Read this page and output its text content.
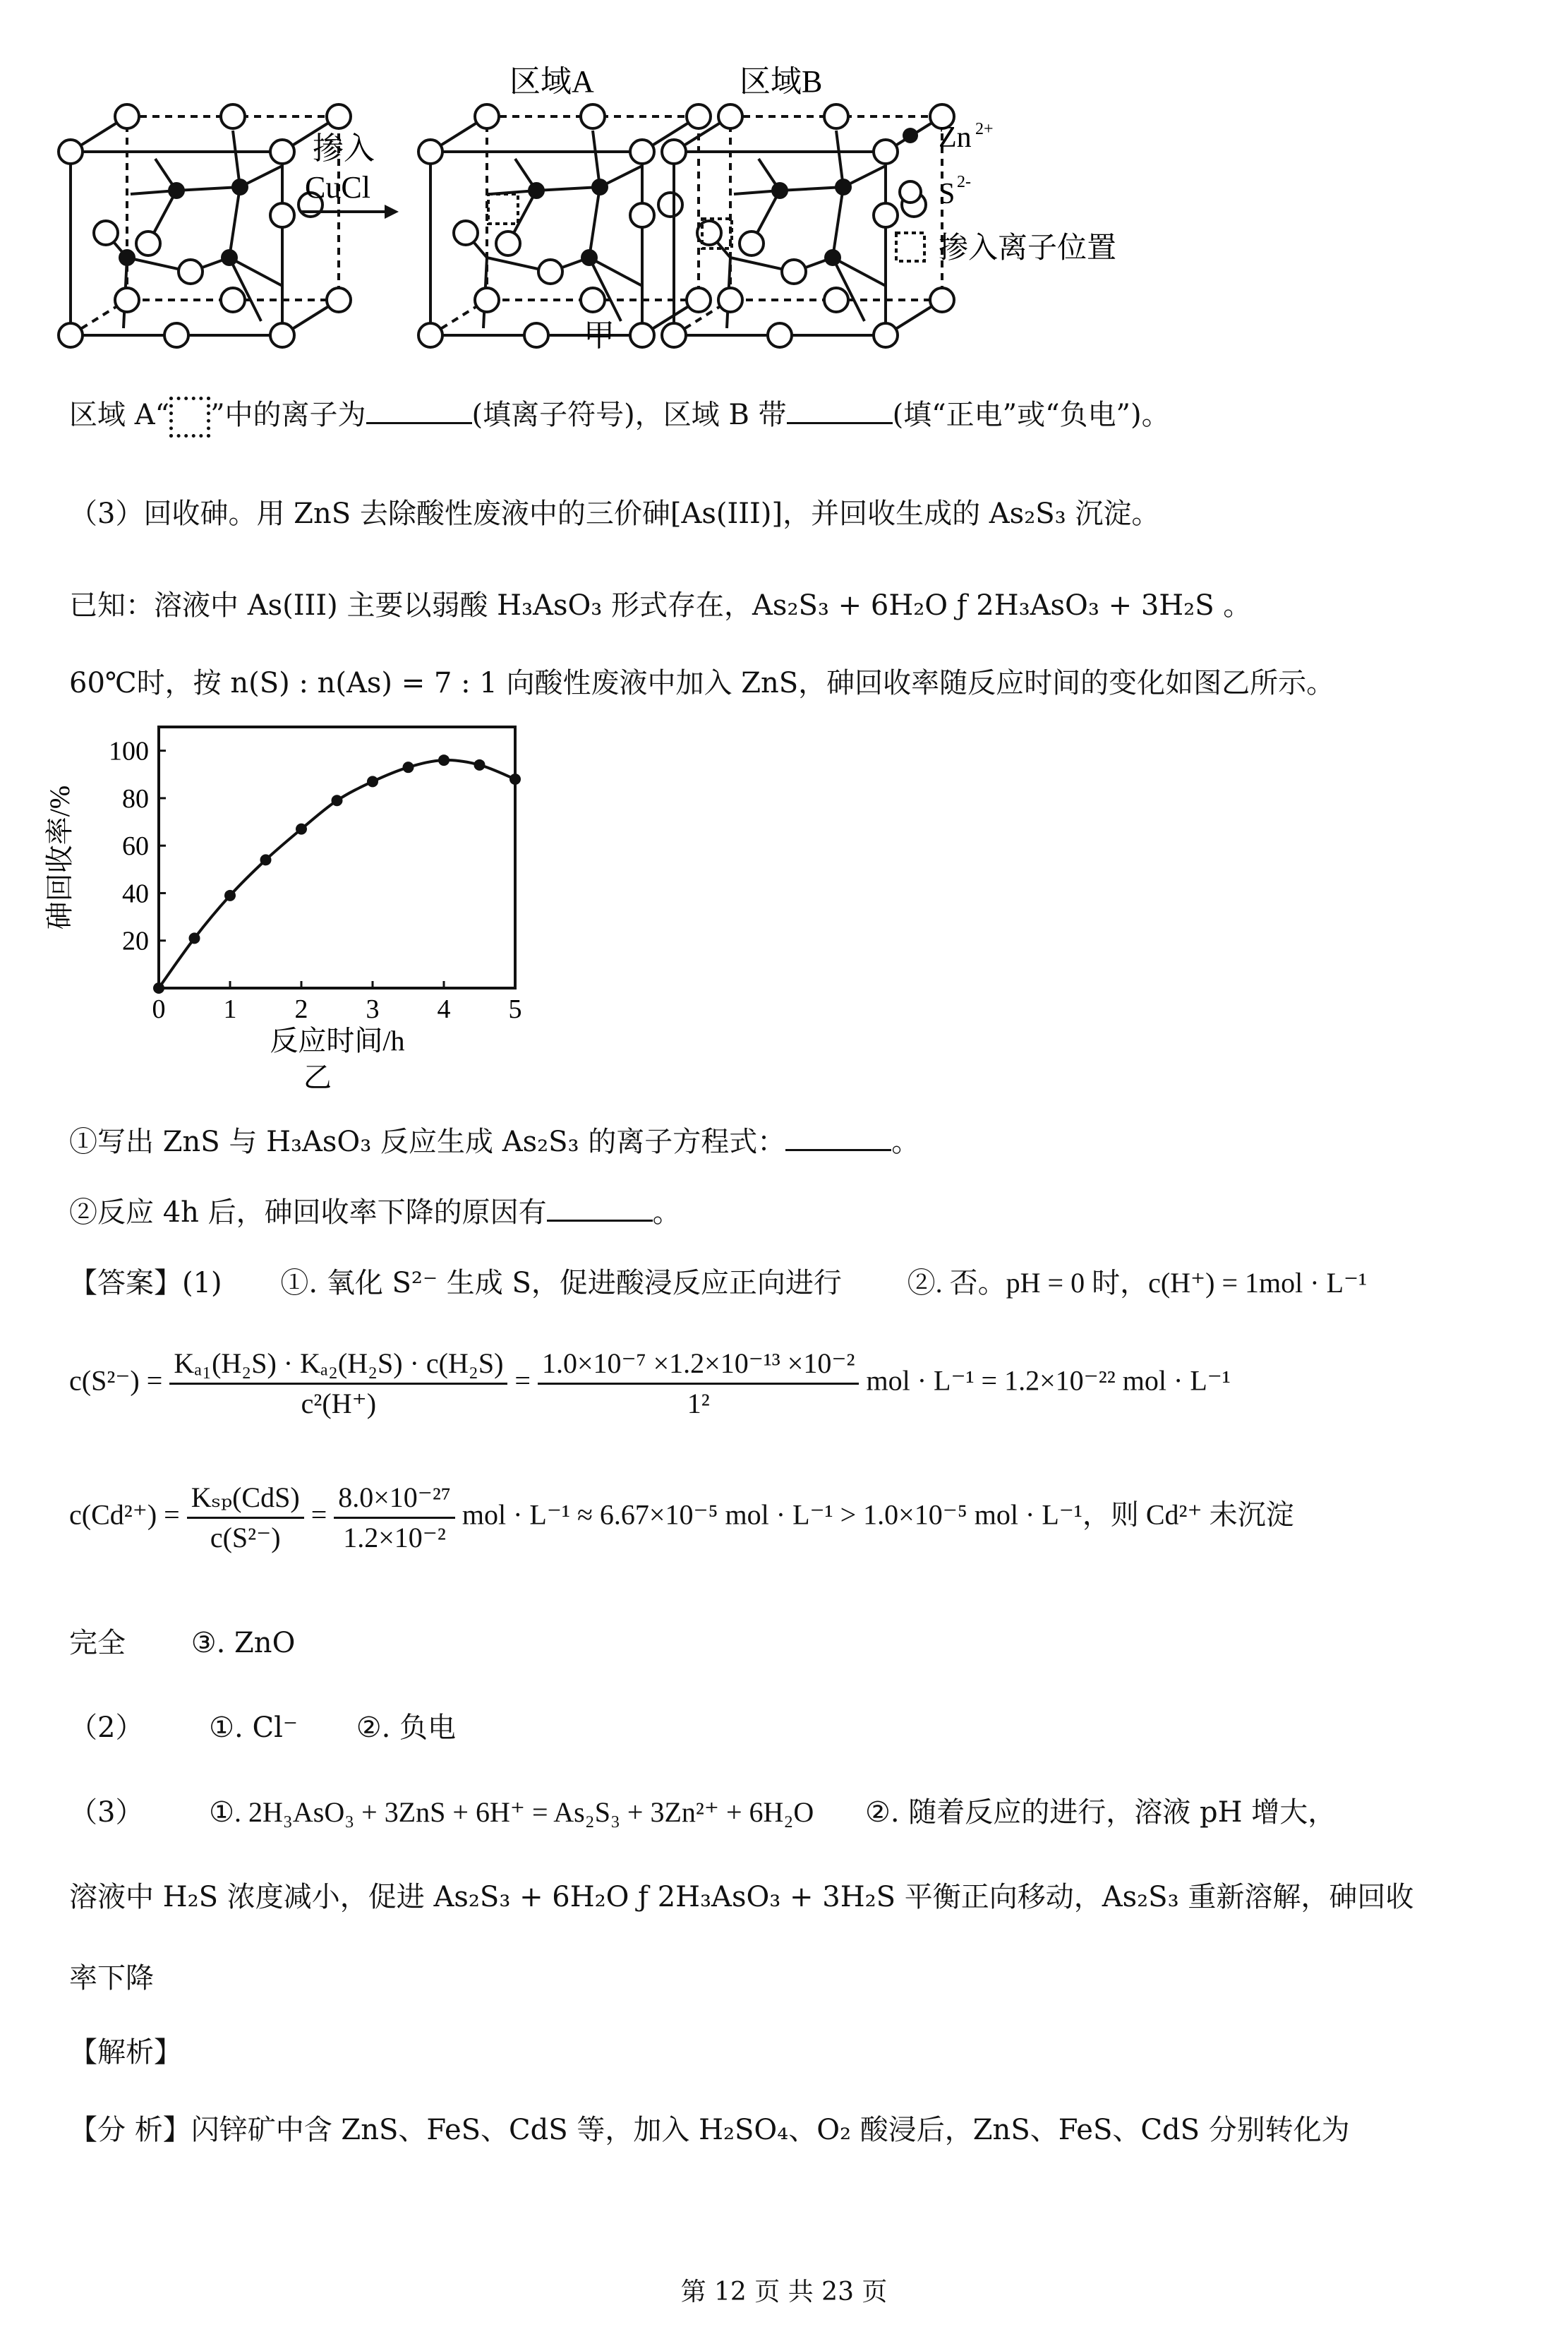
掺入
CuCl
区域A	区域B
甲
Zn 2+
S 2-
掺入离子位置
区域 A“ ”中的离子为	(填离子符号)，区域 B 带	(填“正电”或“负电”)。
（3）回收砷。用 ZnS 去除酸性废液中的三价砷[As(III)]，并回收生成的 As₂S₃ 沉淀。
已知：溶液中 As(III) 主要以弱酸 H₃AsO₃ 形式存在，As₂S₃ + 6H₂O ƒ 2H₃AsO₃ + 3H₂S 。
60℃时，按 n(S) : n(As) = 7 : 1 向酸性废液中加入 ZnS，砷回收率随反应时间的变化如图乙所示。
0 1 2 3 4 5
20
40
60
80
100
砷回收率/%
反应时间/h
乙
①写出 ZnS 与 H₃AsO₃ 反应生成 As₂S₃ 的离子方程式：	。
②反应 4h 后，砷回收率下降的原因有	。
【答案】(1) ①. 氧化 S²⁻ 生成 S，促进酸浸反应正向进行 ②. 否。pH = 0 时，c(H⁺) = 1mol · L⁻¹
$c(S^{2-}) = \frac{\text{Kₐ₁(H₂S) · Kₐ₂(H₂S) · c(H₂S)}}{\text{c²(H⁺)}} = \frac{\text{1.0×10⁻⁷ ×1.2×10⁻¹³ ×10⁻²}}{\text{1²}}$ mol · L⁻¹ = 1.2×10⁻²² mol · L⁻¹
$c(Cd^{2+}) = \frac{\text{Kₛₚ(CdS)}}{\text{c(S²⁻)}} = \frac{\text{8.0×10⁻²⁷}}{\text{1.2×10⁻²}}$ mol · L⁻¹ ≈ 6.67×10⁻⁵ mol · L⁻¹ > 1.0×10⁻⁵ mol · L⁻¹，则 Cd²⁺ 未沉淀
完全 ③. ZnO
（2） ①. Cl⁻ ②. 负电
（3） ①. 2H₃AsO₃ + 3ZnS + 6H⁺ = As₂S₃ + 3Zn²⁺ + 6H₂O ②. 随着反应的进行，溶液 pH 增大，
溶液中 H₂S 浓度减小，促进 As₂S₃ + 6H₂O ƒ 2H₃AsO₃ + 3H₂S 平衡正向移动，As₂S₃ 重新溶解，砷回收
率下降
【解析】
【分 析】闪锌矿中含 ZnS、FeS、CdS 等，加入 H₂SO₄、O₂ 酸浸后，ZnS、FeS、CdS 分别转化为
第 12 页 共 23 页
